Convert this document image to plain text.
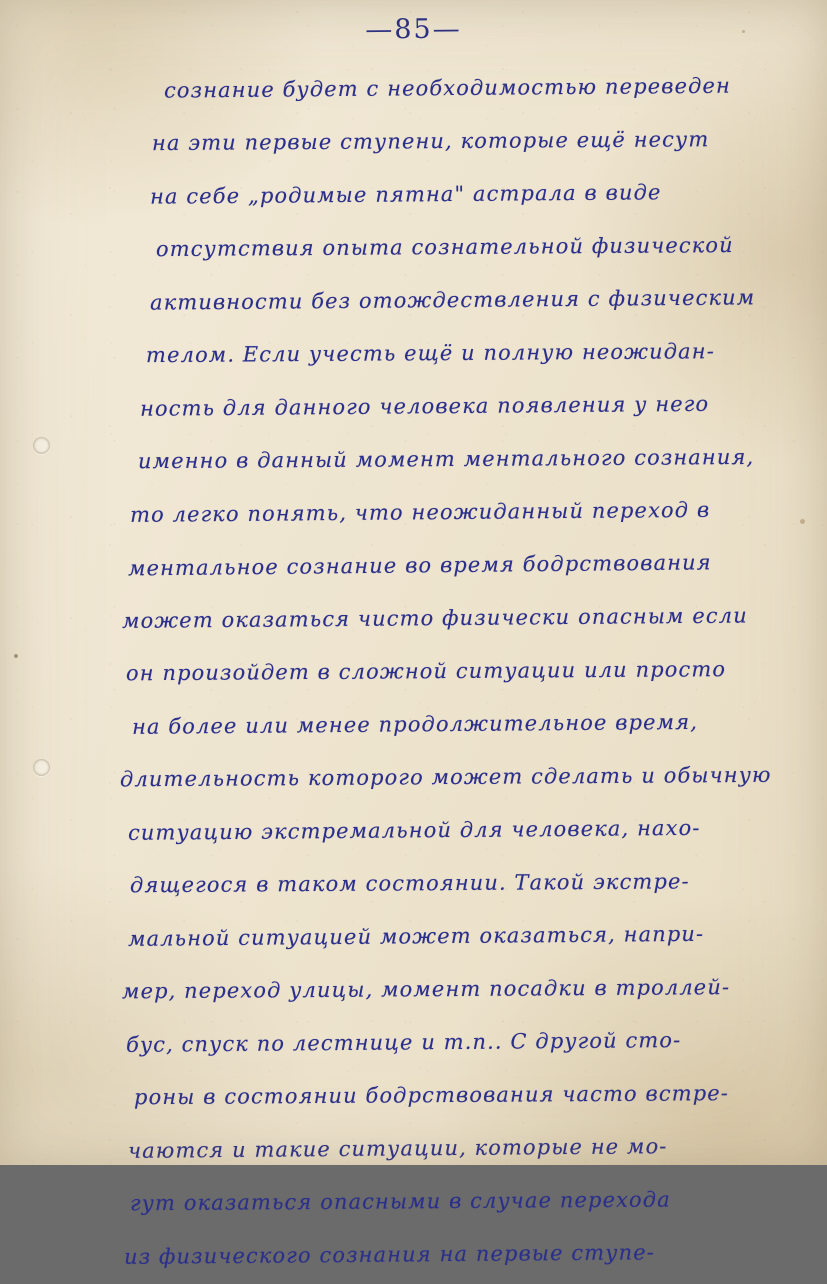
—85—
сознание будет с необходимостью переведен
на эти первые ступени, которые ещё несут
на себе „родимые пятна" астрала в виде
отсутствия опыта сознательной физической
активности без отождествления с физическим
телом. Если учесть ещё и полную неожидан-
ность для данного человека появления у него
именно в данный момент ментального сознания,
то легко понять, что неожиданный переход в
ментальное сознание во время бодрствования
может оказаться чисто физически опасным если
он произойдет в сложной ситуации или просто
на более или менее продолжительное время,
длительность которого может сделать и обычную
ситуацию экстремальной для человека, нахо-
дящегося в таком состоянии. Такой экстре-
мальной ситуацией может оказаться, напри-
мер, переход улицы, момент посадки в троллей-
бус, спуск по лестнице и т.п.. С другой сто-
роны в состоянии бодрствования часто встре-
чаются и такие ситуации, которые не мо-
гут оказаться опасными в случае перехода
из физического сознания на первые ступе-
